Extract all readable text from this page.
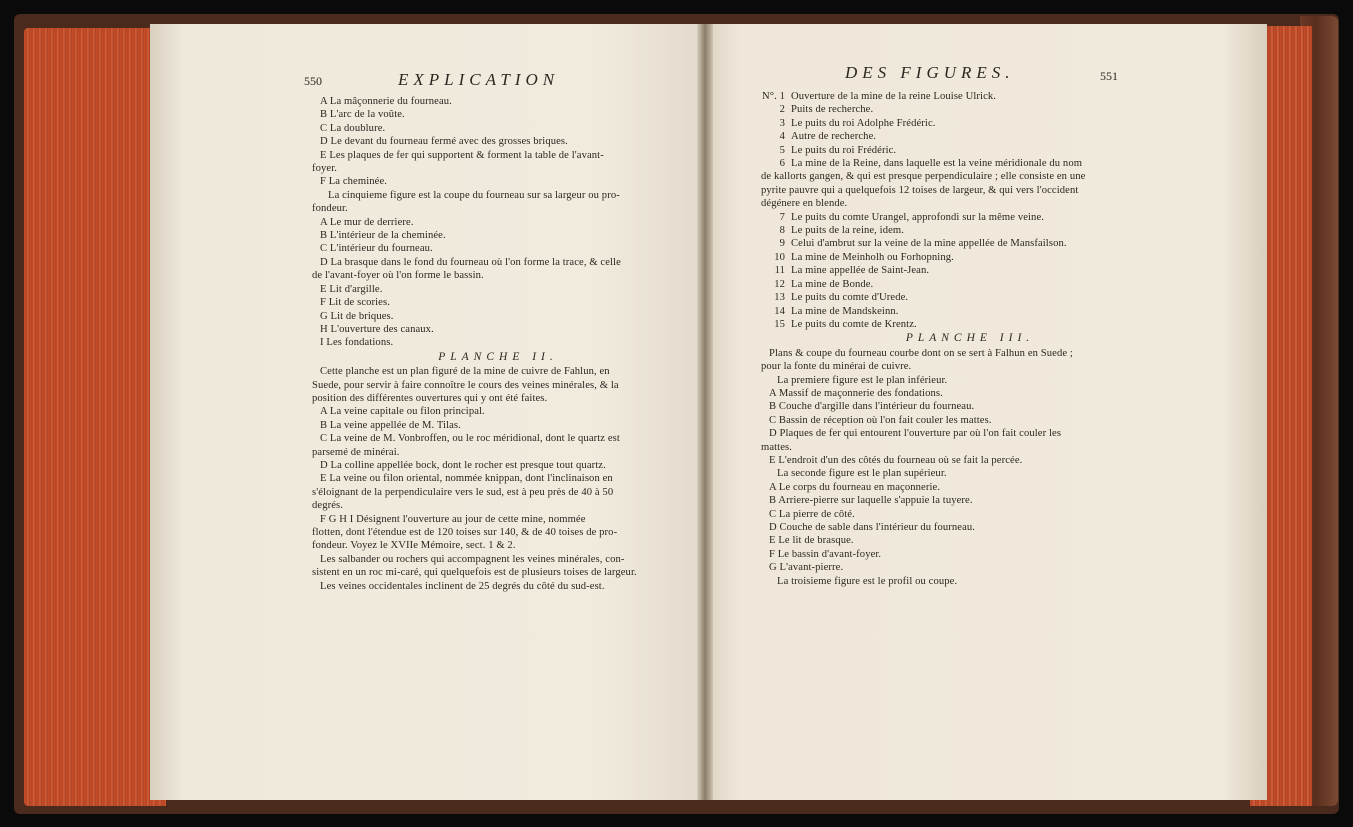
550	EXPLICATION
A La mâçonnerie du fourneau.
B L'arc de la voûte.
C La doublure.
D Le devant du fourneau fermé avec des grosses briques.
E Les plaques de fer qui supportent & forment la table de l'avant-
foyer.
F La cheminée.
La cinquieme figure est la coupe du fourneau sur sa largeur ou pro-
fondeur.
A Le mur de derriere.
B L'intérieur de la cheminée.
C L'intérieur du fourneau.
D La brasque dans le fond du fourneau où l'on forme la trace, & celle
de l'avant-foyer où l'on forme le bassin.
E Lit d'argille.
F Lit de scories.
G Lit de briques.
H L'ouverture des canaux.
I Les fondations.
PLANCHE II.
Cette planche est un plan figuré de la mine de cuivre de Fahlun, en
Suede, pour servir à faire connoître le cours des veines minérales, & la
position des différentes ouvertures qui y ont été faites.
A La veine capitale ou filon principal.
B La veine appellée de M. Tilas.
C La veine de M. Vonbroffen, ou le roc méridional, dont le quartz est
parsemé de minérai.
D La colline appellée bock, dont le rocher est presque tout quartz.
E La veine ou filon oriental, nommée knippan, dont l'inclinaison en
s'éloignant de la perpendiculaire vers le sud, est à peu près de 40 à 50
degrés.
F G H I Désignent l'ouverture au jour de cette mine, nommée
flotten, dont l'étendue est de 120 toises sur 140, & de 40 toises de pro-
fondeur. Voyez le XVIIe Mémoire, sect. 1 & 2.
Les salbander ou rochers qui accompagnent les veines minérales, con-
sistent en un roc mi-caré, qui quelquefois est de plusieurs toises de largeur.
Les veines occidentales inclinent de 25 degrés du côté du sud-est.
DES FIGURES.	551
N°. 1 Ouverture de la mine de la reine Louise Ulrick.
2 Puits de recherche.
3 Le puits du roi Adolphe Frédéric.
4 Autre de recherche.
5 Le puits du roi Frédéric.
6 La mine de la Reine, dans laquelle est la veine méridionale du nom
de kallorts gangen, & qui est presque perpendiculaire ; elle consiste en une
pyrite pauvre qui a quelquefois 12 toises de largeur, & qui vers l'occident
dégénere en blende.
7 Le puits du comte Urangel, approfondi sur la même veine.
8 Le puits de la reine, idem.
9 Celui d'ambrut sur la veine de la mine appellée de Mansfailson.
10 La mine de Meinholh ou Forhopning.
11 La mine appellée de Saint-Jean.
12 La mine de Bonde.
13 Le puits du comte d'Urede.
14 La mine de Mandskeinn.
15 Le puits du comte de Krentz.
PLANCHE III.
Plans & coupe du fourneau courbe dont on se sert à Falhun en Suede ;
pour la fonte du minérai de cuivre.
La premiere figure est le plan inférieur.
A Massif de maçonnerie des fondations.
B Couche d'argille dans l'intérieur du fourneau.
C Bassin de réception où l'on fait couler les mattes.
D Plaques de fer qui entourent l'ouverture par où l'on fait couler les
mattes.
E L'endroit d'un des côtés du fourneau où se fait la percée.
La seconde figure est le plan supérieur.
A Le corps du fourneau en maçonnerie.
B Arriere-pierre sur laquelle s'appuie la tuyere.
C La pierre de côté.
D Couche de sable dans l'intérieur du fourneau.
E Le lit de brasque.
F Le bassin d'avant-foyer.
G L'avant-pierre.
La troisieme figure est le profil ou coupe.
